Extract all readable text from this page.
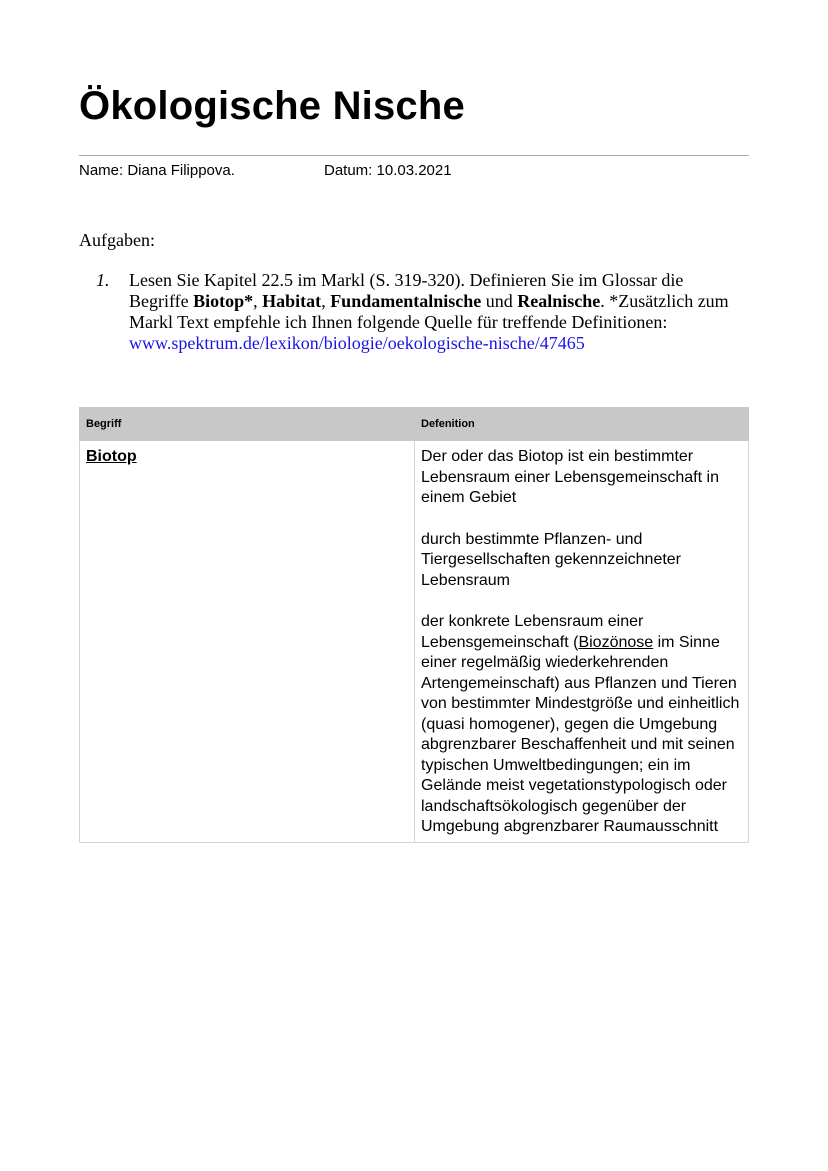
Ökologische Nische
Name: Diana Filippova.	Datum: 10.03.2021
Aufgaben:
1. Lesen Sie Kapitel 22.5 im Markl (S. 319-320). Definieren Sie im Glossar die Begriffe Biotop*, Habitat, Fundamentalnische und Realnische. *Zusätzlich zum Markl Text empfehle ich Ihnen folgende Quelle für treffende Definitionen: www.spektrum.de/lexikon/biologie/oekologische-nische/47465
Begriff	Defenition
Biotop	Der oder das Biotop ist ein bestimmter Lebensraum einer Lebensgemeinschaft in einem Gebiet

durch bestimmte Pflanzen- und Tiergesellschaften gekennzeichneter Lebensraum

der konkrete Lebensraum einer Lebensgemeinschaft (Biozönose im Sinne einer regelmäßig wiederkehrenden Artengemeinschaft) aus Pflanzen und Tieren von bestimmter Mindestgröße und einheitlich (quasi homogener), gegen die Umgebung abgrenzbarer Beschaffenheit und mit seinen typischen Umweltbedingungen; ein im Gelände meist vegetationstypologisch oder landschaftsökologisch gegenüber der Umgebung abgrenzbarer Raumausschnitt
